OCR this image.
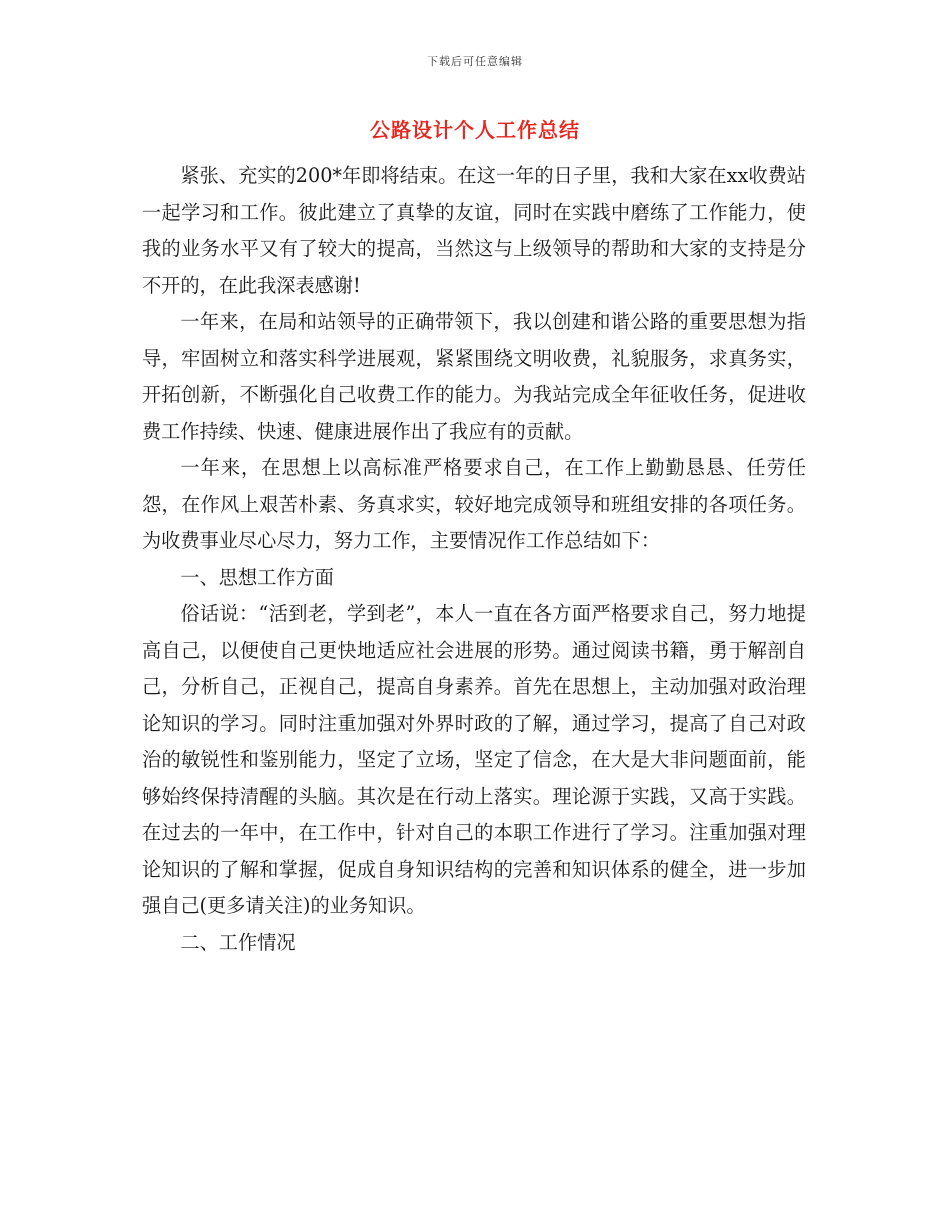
下载后可任意编辑
公路设计个人工作总结

紧张、充实的200*年即将结束。在这一年的日子里，我和大家在xx收费站一起学习和工作。彼此建立了真挚的友谊，同时在实践中磨练了工作能力，使我的业务水平又有了较大的提高，当然这与上级领导的帮助和大家的支持是分不开的，在此我深表感谢!

一年来，在局和站领导的正确带领下，我以创建和谐公路的重要思想为指导，牢固树立和落实科学进展观，紧紧围绕文明收费，礼貌服务，求真务实，开拓创新，不断强化自己收费工作的能力。为我站完成全年征收任务，促进收费工作持续、快速、健康进展作出了我应有的贡献。

一年来，在思想上以高标准严格要求自己，在工作上勤勤恳恳、任劳任怨，在作风上艰苦朴素、务真求实，较好地完成领导和班组安排的各项任务。为收费事业尽心尽力，努力工作，主要情况作工作总结如下：

一、思想工作方面

俗话说：“活到老，学到老”，本人一直在各方面严格要求自己，努力地提高自己，以便使自己更快地适应社会进展的形势。通过阅读书籍，勇于解剖自己，分析自己，正视自己，提高自身素养。首先在思想上，主动加强对政治理论知识的学习。同时注重加强对外界时政的了解，通过学习，提高了自己对政治的敏锐性和鉴别能力，坚定了立场，坚定了信念，在大是大非问题面前，能够始终保持清醒的头脑。其次是在行动上落实。理论源于实践，又高于实践。在过去的一年中，在工作中，针对自己的本职工作进行了学习。注重加强对理论知识的了解和掌握，促成自身知识结构的完善和知识体系的健全，进一步加强自己(更多请关注)的业务知识。

二、工作情况
